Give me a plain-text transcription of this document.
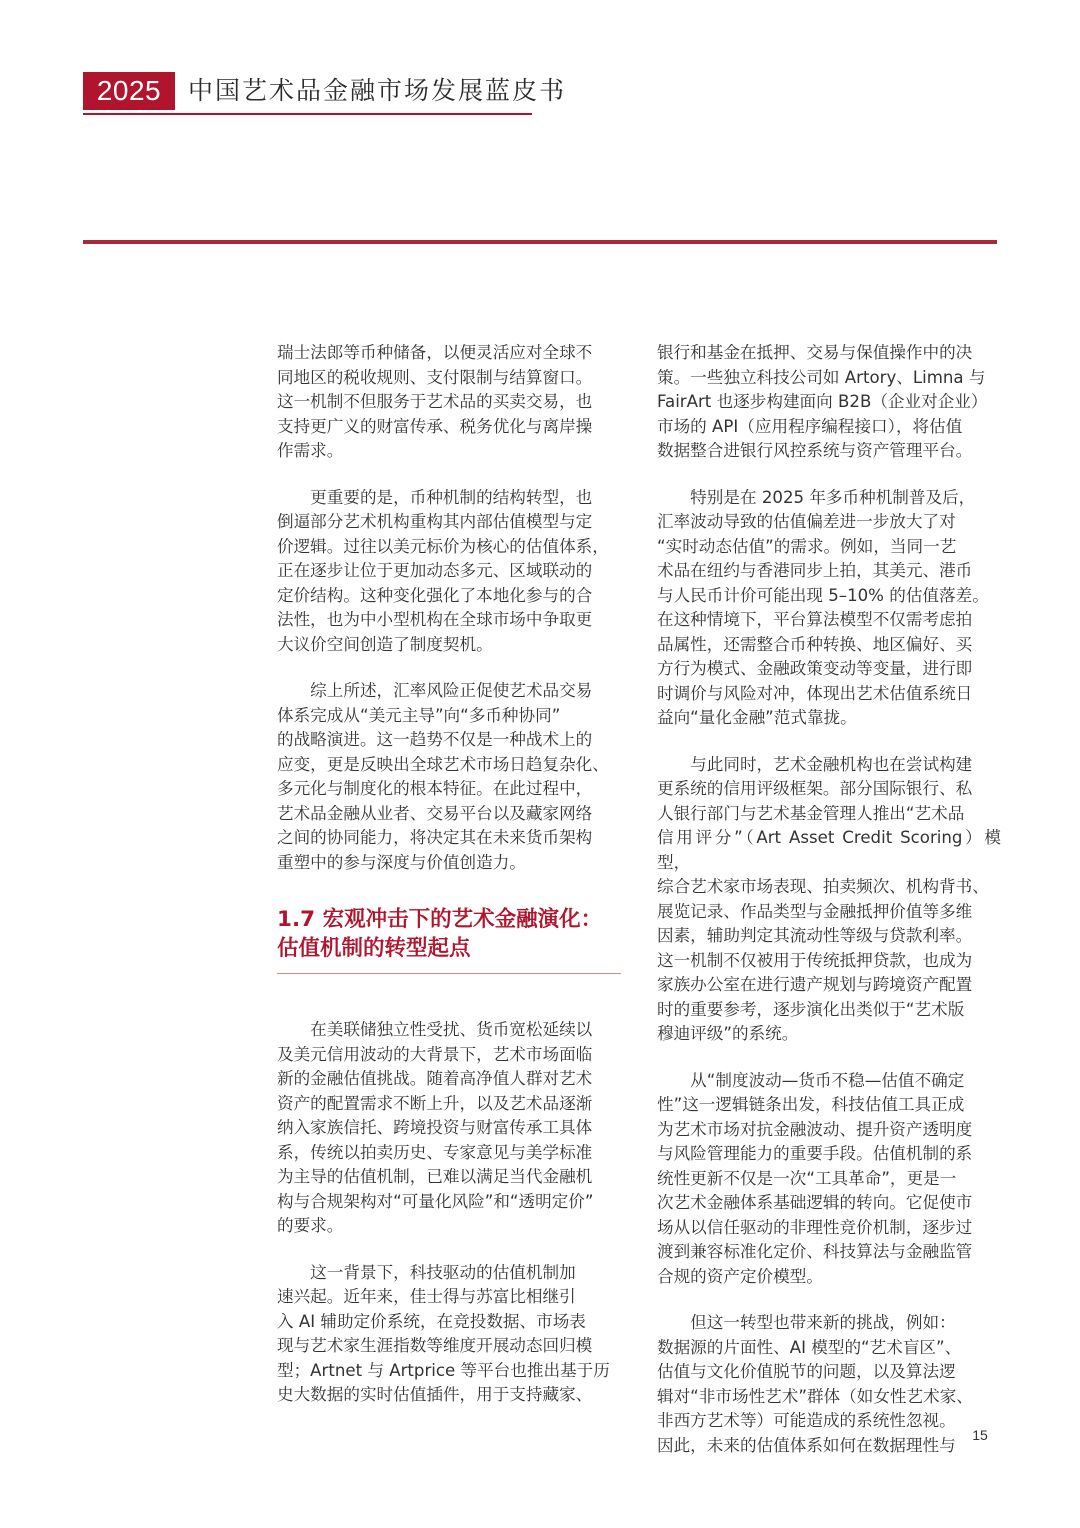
2025	中国艺术品金融市场发展蓝皮书

瑞士法郎等币种储备，以便灵活应对全球不
同地区的税收规则、支付限制与结算窗口。
这一机制不但服务于艺术品的买卖交易，也
支持更广义的财富传承、税务优化与离岸操
作需求。

　　更重要的是，币种机制的结构转型，也
倒逼部分艺术机构重构其内部估值模型与定
价逻辑。过往以美元标价为核心的估值体系，
正在逐步让位于更加动态多元、区域联动的
定价结构。这种变化强化了本地化参与的合
法性，也为中小型机构在全球市场中争取更
大议价空间创造了制度契机。

　　综上所述，汇率风险正促使艺术品交易
体系完成从“美元主导”向“多币种协同”
的战略演进。这一趋势不仅是一种战术上的
应变，更是反映出全球艺术市场日趋复杂化、
多元化与制度化的根本特征。在此过程中，
艺术品金融从业者、交易平台以及藏家网络
之间的协同能力，将决定其在未来货币架构
重塑中的参与深度与价值创造力。

1.7 宏观冲击下的艺术金融演化：
估值机制的转型起点

　　在美联储独立性受扰、货币宽松延续以
及美元信用波动的大背景下，艺术市场面临
新的金融估值挑战。随着高净值人群对艺术
资产的配置需求不断上升，以及艺术品逐渐
纳入家族信托、跨境投资与财富传承工具体
系，传统以拍卖历史、专家意见与美学标准
为主导的估值机制，已难以满足当代金融机
构与合规架构对“可量化风险”和“透明定价”
的要求。

　　这一背景下，科技驱动的估值机制加
速兴起。近年来，佳士得与苏富比相继引
入 AI 辅助定价系统，在竞投数据、市场表
现与艺术家生涯指数等维度开展动态回归模
型；Artnet 与 Artprice 等平台也推出基于历
史大数据的实时估值插件，用于支持藏家、

银行和基金在抵押、交易与保值操作中的决
策。一些独立科技公司如 Artory、Limna 与
FairArt 也逐步构建面向 B2B（企业对企业）
市场的 API（应用程序编程接口），将估值
数据整合进银行风控系统与资产管理平台。

　　特别是在 2025 年多币种机制普及后，
汇率波动导致的估值偏差进一步放大了对
“实时动态估值”的需求。例如，当同一艺
术品在纽约与香港同步上拍，其美元、港币
与人民币计价可能出现 5–10% 的估值落差。
在这种情境下，平台算法模型不仅需考虑拍
品属性，还需整合币种转换、地区偏好、买
方行为模式、金融政策变动等变量，进行即
时调价与风险对冲，体现出艺术估值系统日
益向“量化金融”范式靠拢。

　　与此同时，艺术金融机构也在尝试构建
更系统的信用评级框架。部分国际银行、私
人银行部门与艺术基金管理人推出“艺术品
信用评分”（Art Asset Credit Scoring）模型，
综合艺术家市场表现、拍卖频次、机构背书、
展览记录、作品类型与金融抵押价值等多维
因素，辅助判定其流动性等级与贷款利率。
这一机制不仅被用于传统抵押贷款，也成为
家族办公室在进行遗产规划与跨境资产配置
时的重要参考，逐步演化出类似于“艺术版
穆迪评级”的系统。

　　从“制度波动—货币不稳—估值不确定
性”这一逻辑链条出发，科技估值工具正成
为艺术市场对抗金融波动、提升资产透明度
与风险管理能力的重要手段。估值机制的系
统性更新不仅是一次“工具革命”，更是一
次艺术金融体系基础逻辑的转向。它促使市
场从以信任驱动的非理性竞价机制，逐步过
渡到兼容标准化定价、科技算法与金融监管
合规的资产定价模型。

　　但这一转型也带来新的挑战，例如：
数据源的片面性、AI 模型的“艺术盲区”、
估值与文化价值脱节的问题，以及算法逻
辑对“非市场性艺术”群体（如女性艺术家、
非西方艺术等）可能造成的系统性忽视。
因此，未来的估值体系如何在数据理性与

15
